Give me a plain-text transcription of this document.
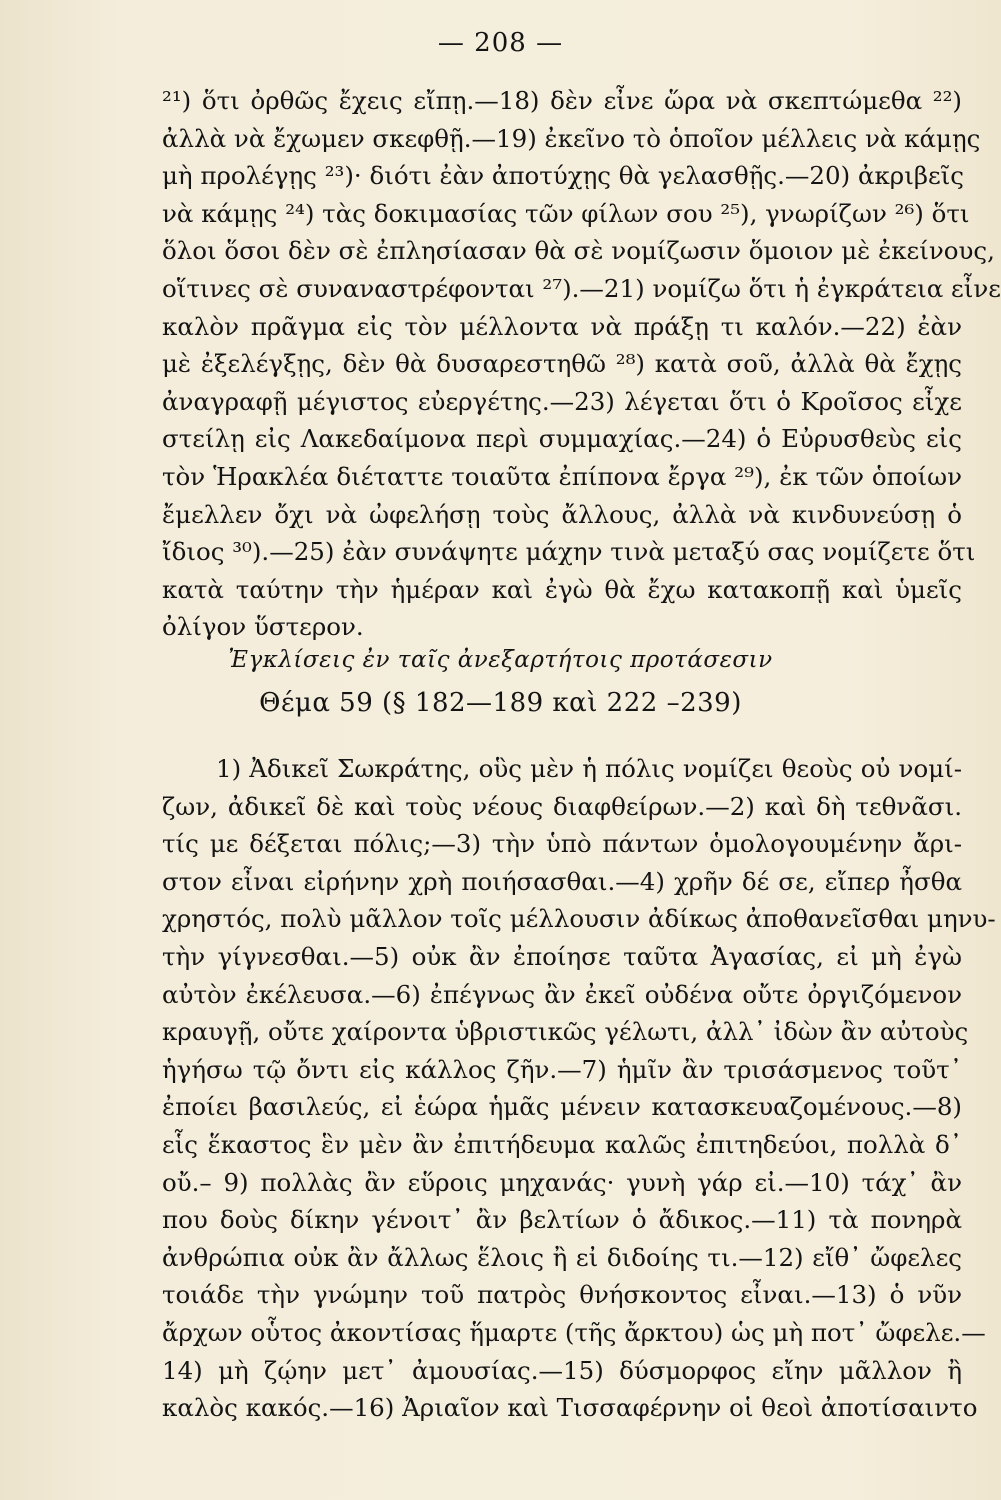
— 208 —
²¹) ὅτι ὀρθῶς ἔχεις εἴπῃ.—18) δὲν εἶνε ὥρα νὰ σκεπτώμεθα ²²)
ἀλλὰ νὰ ἔχωμεν σκεφθῇ.—19) ἐκεῖνο τὸ ὁποῖον μέλλεις νὰ κάμῃς
μὴ προλέγῃς ²³)· διότι ἐὰν ἀποτύχῃς θὰ γελασθῇς.—20) ἀκριβεῖς
νὰ κάμῃς ²⁴) τὰς δοκιμασίας τῶν φίλων σου ²⁵), γνωρίζων ²⁶) ὅτι
ὅλοι ὅσοι δὲν σὲ ἐπλησίασαν θὰ σὲ νομίζωσιν ὅμοιον μὲ ἐκείνους,
οἵτινες σὲ συναναστρέφονται ²⁷).—21) νομίζω ὅτι ἡ ἐγκράτεια εἶνε
καλὸν πρᾶγμα εἰς τὸν μέλλοντα νὰ πράξῃ τι καλόν.—22) ἐὰν
μὲ ἐξελέγξῃς, δὲν θὰ δυσαρεστηθῶ ²⁸) κατὰ σοῦ, ἀλλὰ θὰ ἔχῃς
ἀναγραφῇ μέγιστος εὐεργέτης.—23) λέγεται ὅτι ὁ Κροῖσος εἶχε
στείλῃ εἰς Λακεδαίμονα περὶ συμμαχίας.—24) ὁ Εὐρυσθεὺς εἰς
τὸν Ἡρακλέα διέταττε τοιαῦτα ἐπίπονα ἔργα ²⁹), ἐκ τῶν ὁποίων
ἔμελλεν ὄχι νὰ ὠφελήσῃ τοὺς ἄλλους, ἀλλὰ νὰ κινδυνεύσῃ ὁ
ἴδιος ³⁰).—25) ἐὰν συνάψητε μάχην τινὰ μεταξύ σας νομίζετε ὅτι
κατὰ ταύτην τὴν ἡμέραν καὶ ἐγὼ θὰ ἔχω κατακοπῇ καὶ ὑμεῖς
ὀλίγον ὕστερον.
Ἐγκλίσεις ἐν ταῖς ἀνεξαρτήτοις προτάσεσιν
Θέμα 59 (§ 182—189 καὶ 222 –239)
1) Ἀδικεῖ Σωκράτης, οὓς μὲν ἡ πόλις νομίζει θεοὺς οὐ νομί-
ζων, ἀδικεῖ δὲ καὶ τοὺς νέους διαφθείρων.—2) καὶ δὴ τεθνᾶσι.
τίς με δέξεται πόλις;—3) τὴν ὑπὸ πάντων ὁμολογουμένην ἄρι-
στον εἶναι εἰρήνην χρὴ ποιήσασθαι.—4) χρῆν δέ σε, εἴπερ ἦσθα
χρηστός, πολὺ μᾶλλον τοῖς μέλλουσιν ἀδίκως ἀποθανεῖσθαι μηνυ-
τὴν γίγνεσθαι.—5) οὐκ ἂν ἐποίησε ταῦτα Ἀγασίας, εἰ μὴ ἐγὼ
αὐτὸν ἐκέλευσα.—6) ἐπέγνως ἂν ἐκεῖ οὐδένα οὔτε ὀργιζόμενον
κραυγῇ, οὔτε χαίροντα ὑβριστικῶς γέλωτι, ἀλλ᾽ ἰδὼν ἂν αὐτοὺς
ἡγήσω τῷ ὄντι εἰς κάλλος ζῆν.—7) ἡμῖν ἂν τρισάσμενος τοῦτ᾽
ἐποίει βασιλεύς, εἰ ἑώρα ἡμᾶς μένειν κατασκευαζομένους.—8)
εἷς ἕκαστος ἓν μὲν ἂν ἐπιτήδευμα καλῶς ἐπιτηδεύοι, πολλὰ δ᾽
οὔ.– 9) πολλὰς ἂν εὕροις μηχανάς· γυνὴ γάρ εἰ.—10) τάχ᾽ ἂν
που δοὺς δίκην γένοιτ᾽ ἂν βελτίων ὁ ἄδικος.—11) τὰ πονηρὰ
ἀνθρώπια οὐκ ἂν ἄλλως ἕλοις ἢ εἰ διδοίης τι.—12) εἴθ᾽ ὤφελες
τοιάδε τὴν γνώμην τοῦ πατρὸς θνήσκοντος εἶναι.—13) ὁ νῦν
ἄρχων οὗτος ἀκοντίσας ἥμαρτε (τῆς ἄρκτου) ὡς μὴ ποτ᾽ ὤφελε.—
14) μὴ ζῴην μετ᾽ ἀμουσίας.—15) δύσμορφος εἴην μᾶλλον ἢ
καλὸς κακός.—16) Ἀριαῖον καὶ Τισσαφέρνην οἱ θεοὶ ἀποτίσαιντο
